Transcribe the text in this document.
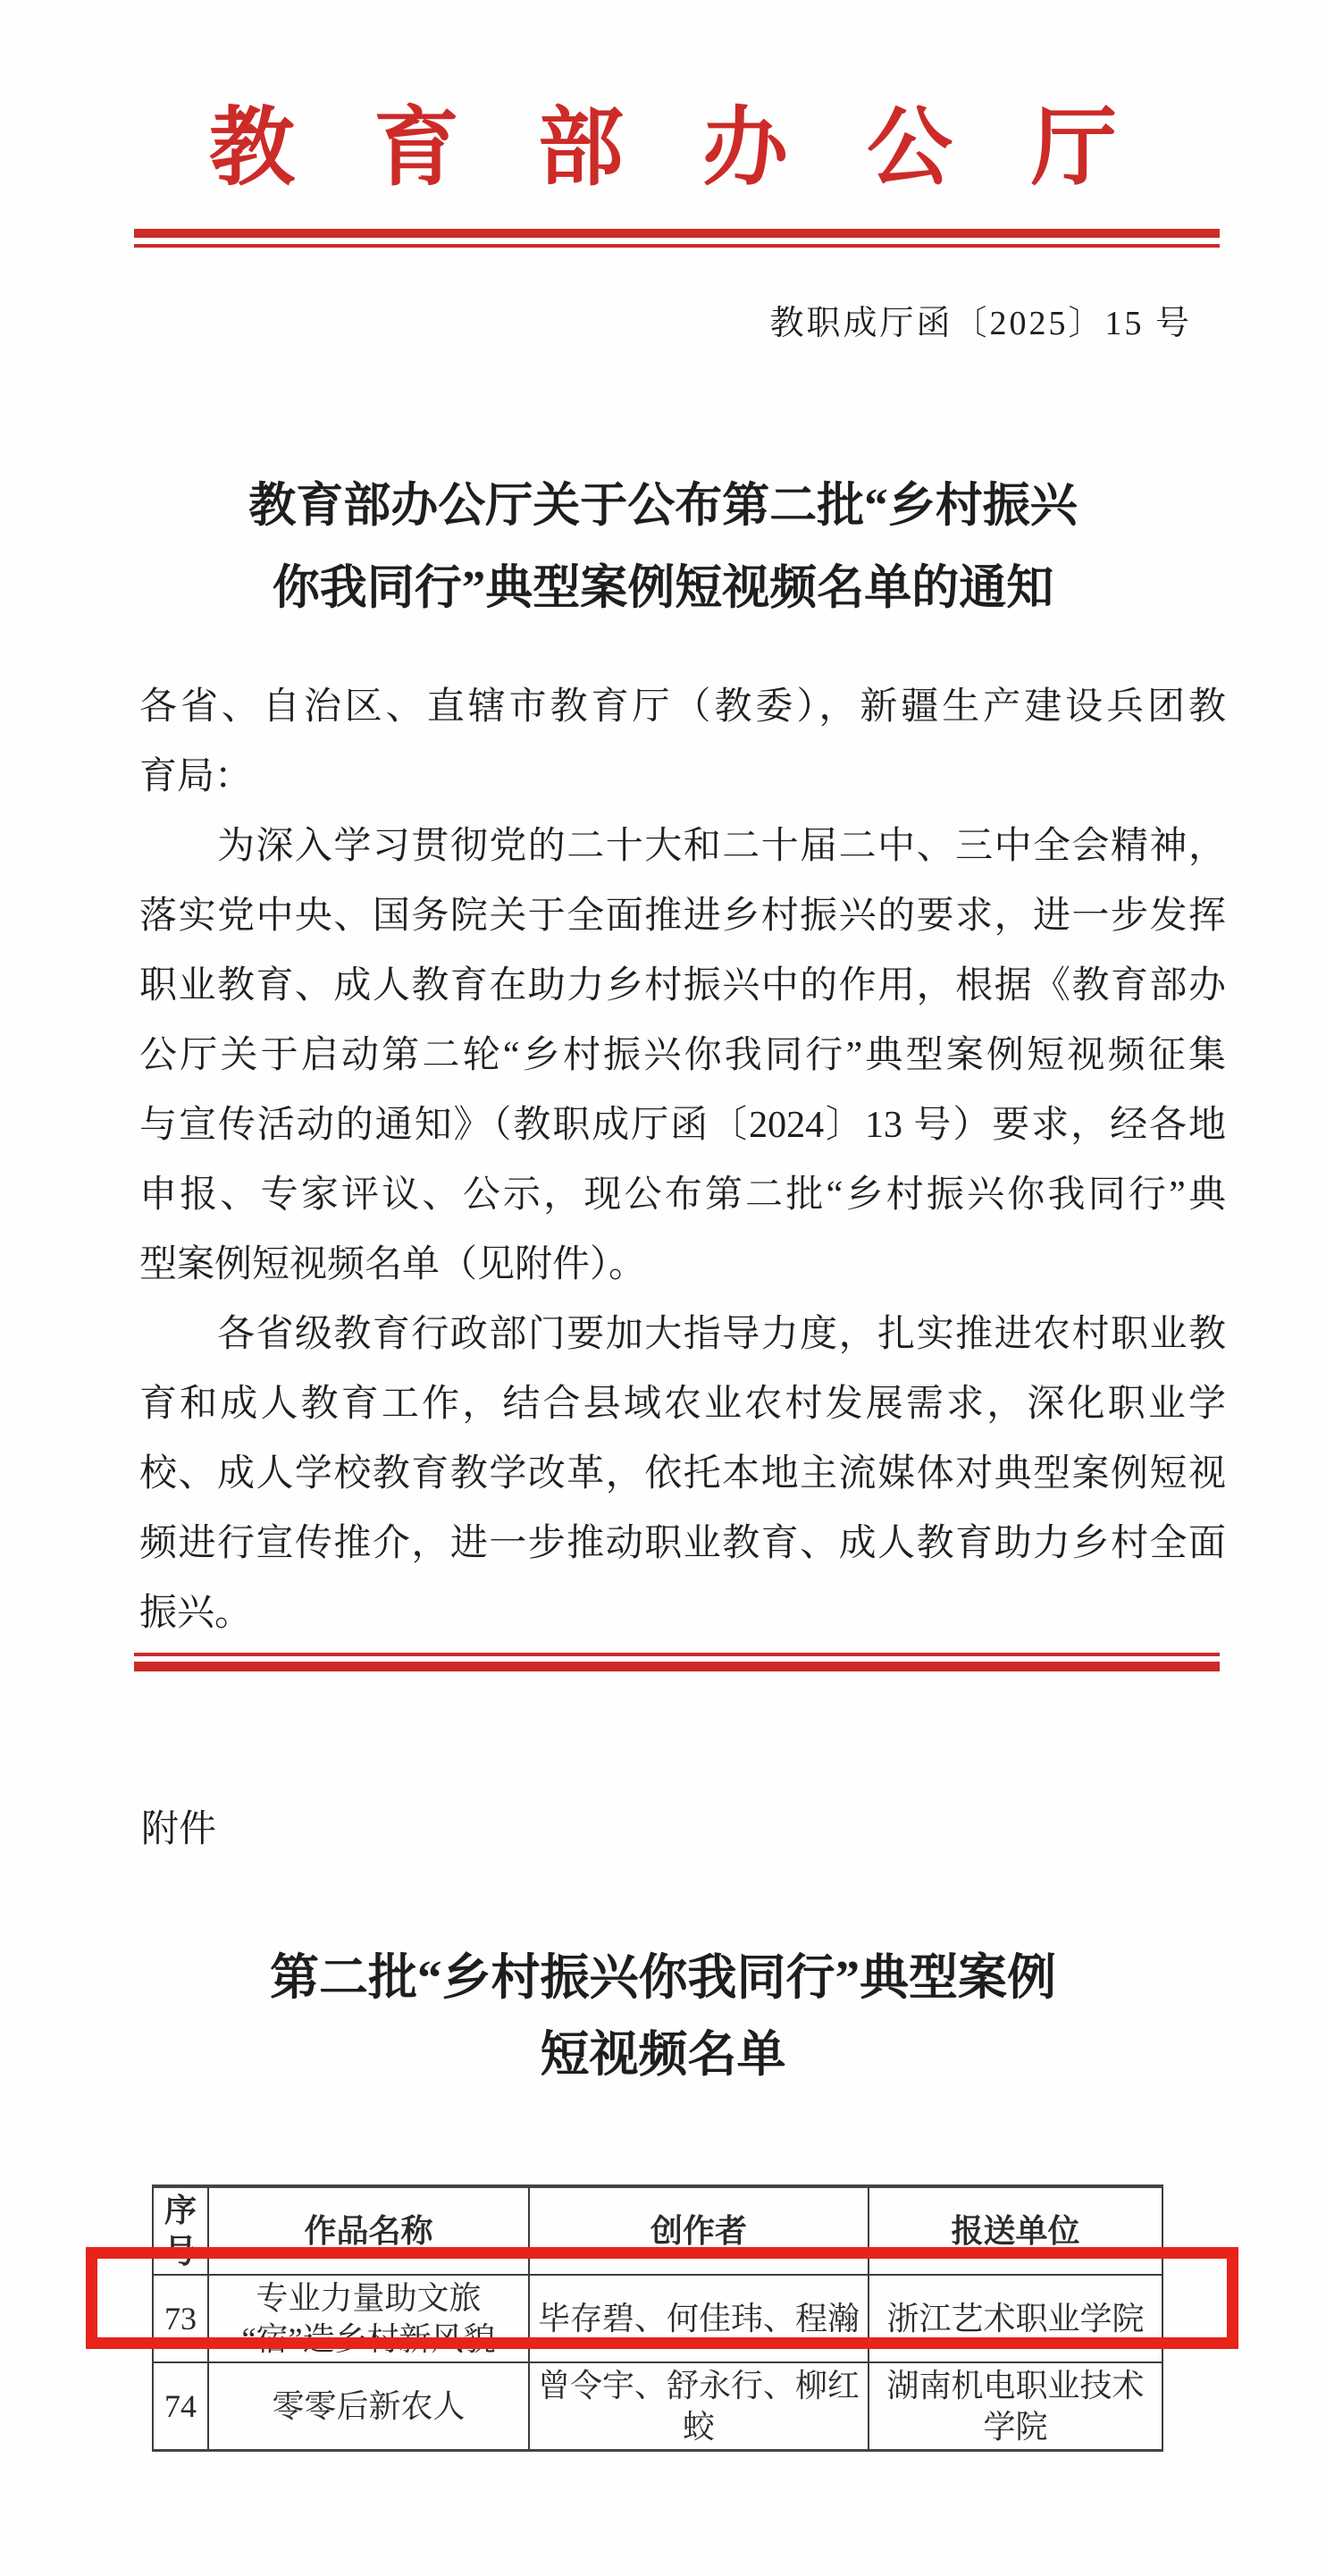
教育部办公厅
教职成厅函〔2025〕15 号
教育部办公厅关于公布第二批“乡村振兴
你我同行”典型案例短视频名单的通知
各省、自治区、直辖市教育厅（教委），新疆生产建设兵团教
育局：
　　为深入学习贯彻党的二十大和二十届二中、三中全会精神，
落实党中央、国务院关于全面推进乡村振兴的要求，进一步发挥
职业教育、成人教育在助力乡村振兴中的作用，根据《教育部办
公厅关于启动第二轮“乡村振兴你我同行”典型案例短视频征集
与宣传活动的通知》（教职成厅函〔2024〕13 号）要求，经各地
申报、专家评议、公示，现公布第二批“乡村振兴你我同行”典
型案例短视频名单（见附件）。
　　各省级教育行政部门要加大指导力度，扎实推进农村职业教
育和成人教育工作，结合县域农业农村发展需求，深化职业学
校、成人学校教育教学改革，依托本地主流媒体对典型案例短视
频进行宣传推介，进一步推动职业教育、成人教育助力乡村全面
振兴。
附件
第二批“乡村振兴你我同行”典型案例
短视频名单
序号	作品名称	创作者	报送单位
73	专业力量助文旅
“宿”造乡村新风貌	毕存碧、何佳玮、程瀚	浙江艺术职业学院
74	零零后新农人	曾令宇、舒永行、柳红蛟	湖南机电职业技术
学院
